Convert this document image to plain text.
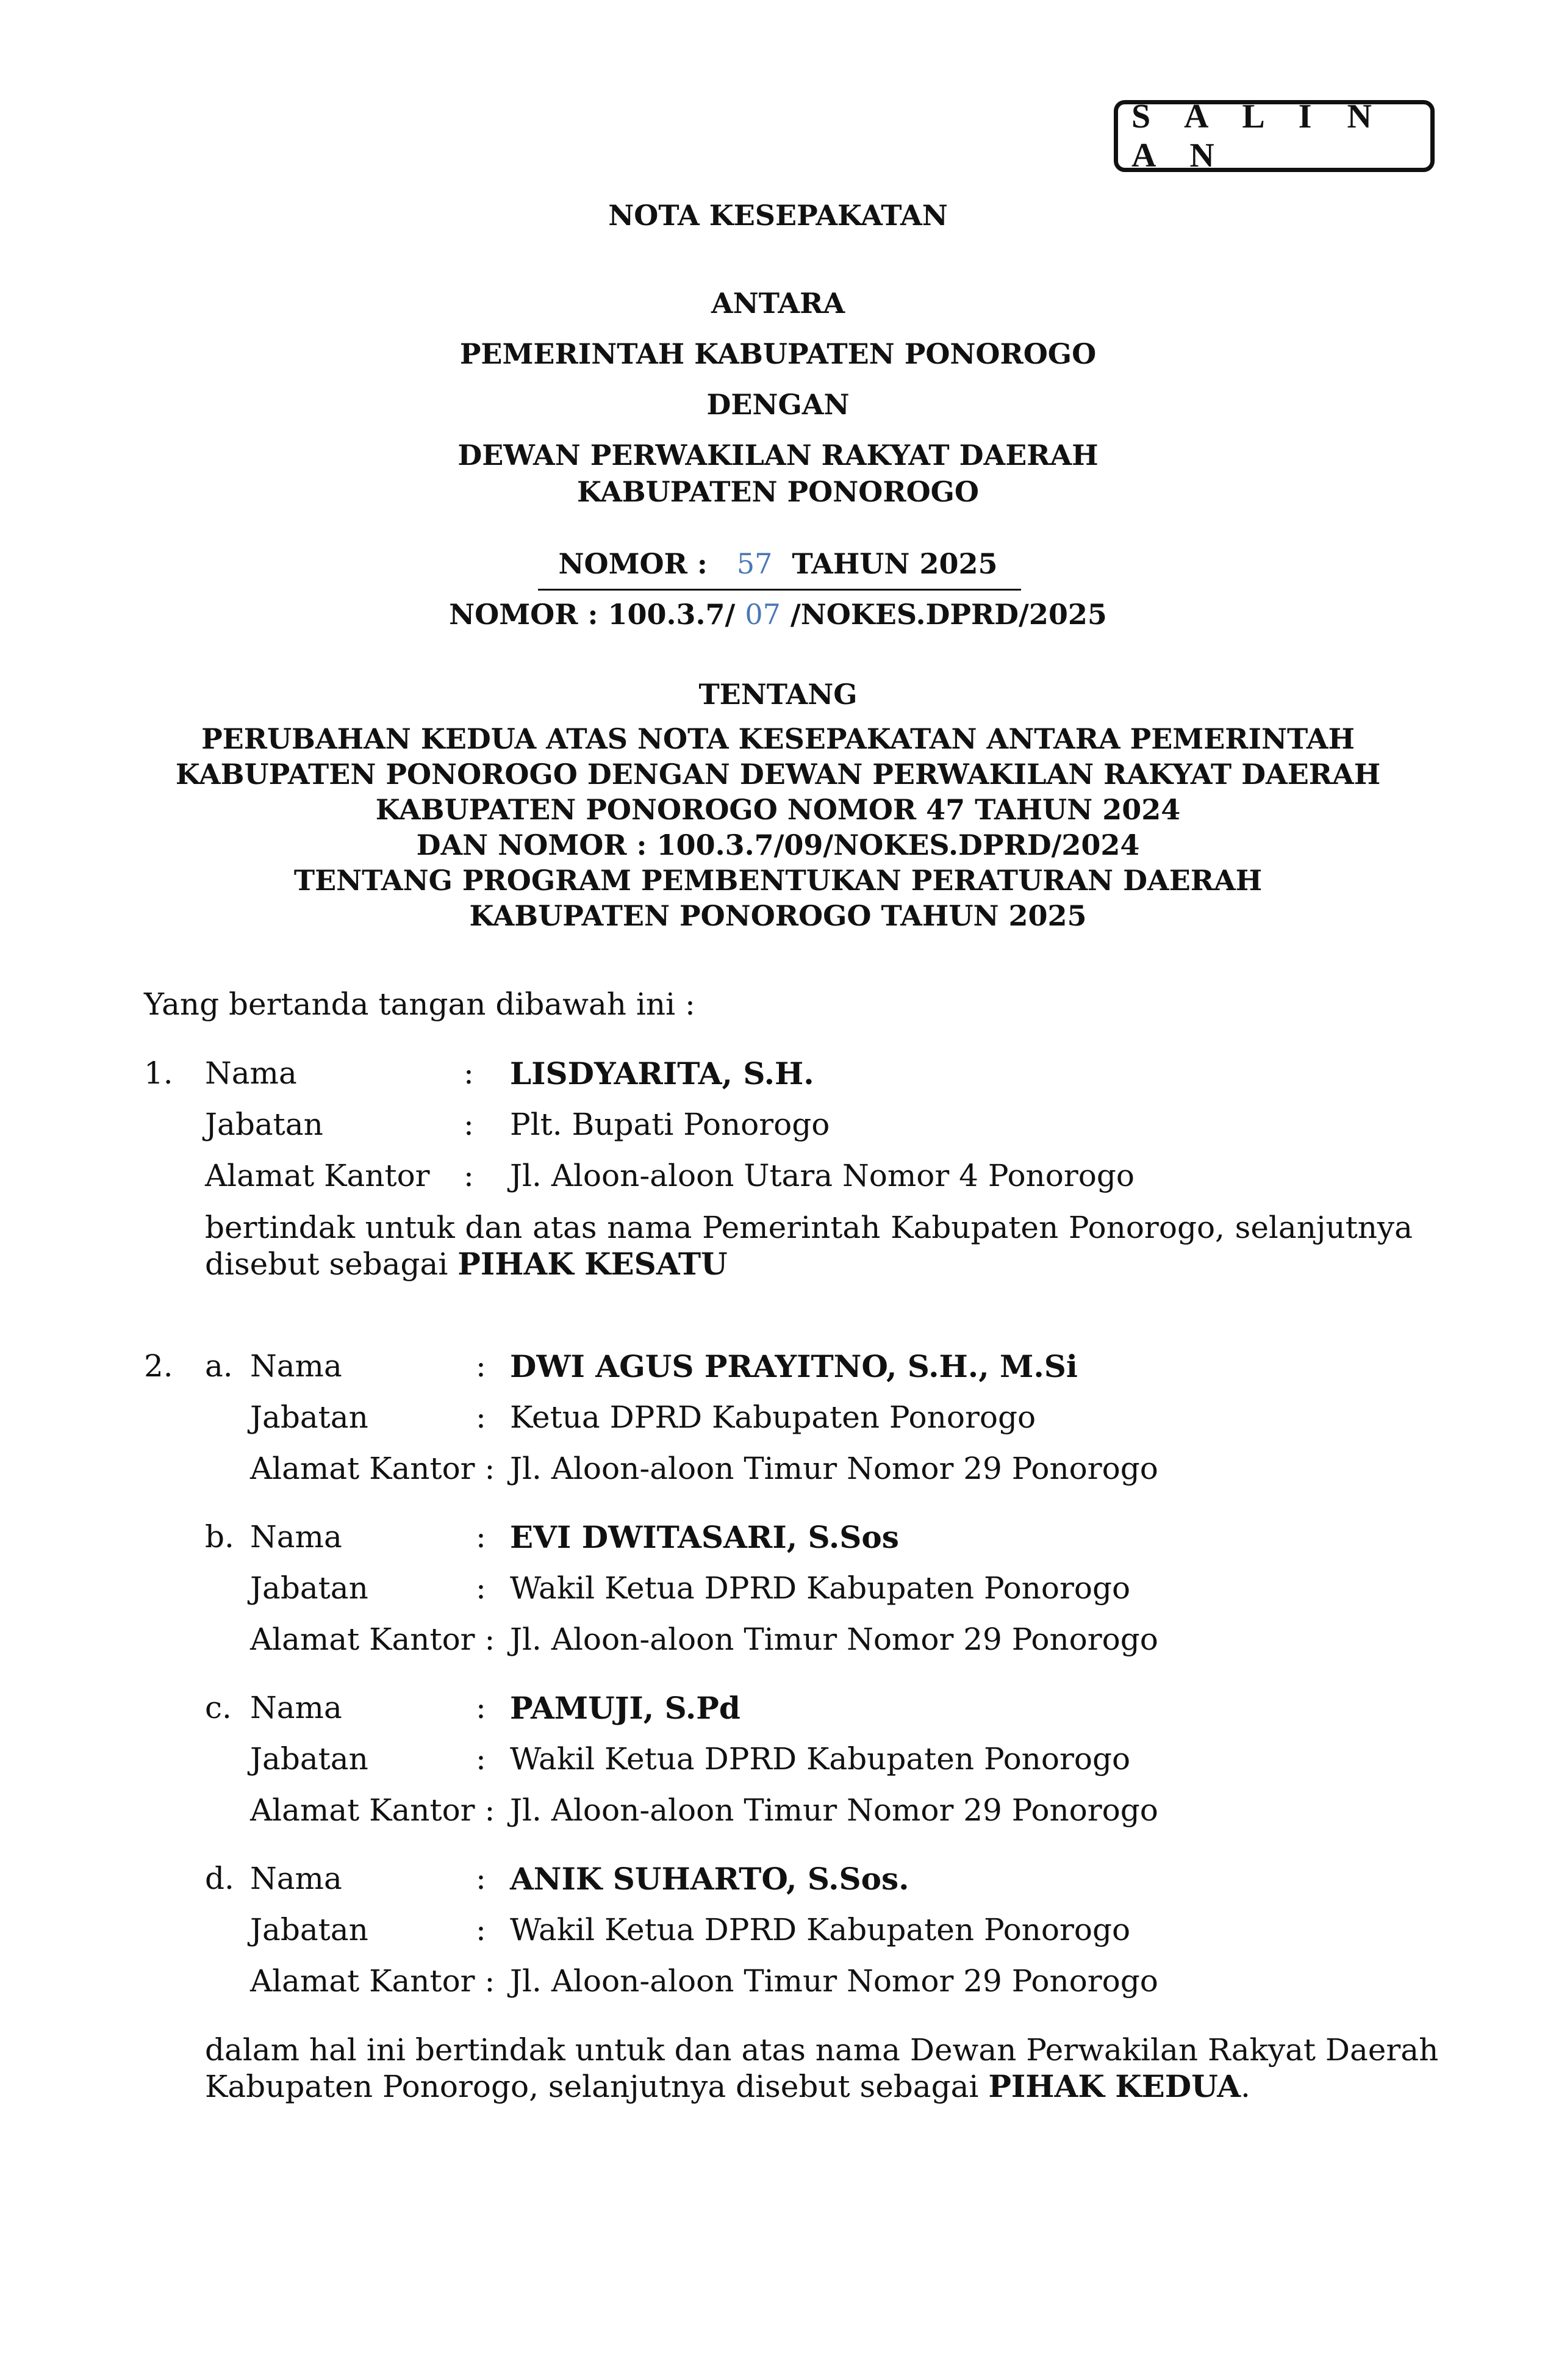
S A L I N A N
NOTA KESEPAKATAN
ANTARA
PEMERINTAH KABUPATEN PONOROGO
DENGAN
DEWAN PERWAKILAN RAKYAT DAERAH
KABUPATEN PONOROGO
NOMOR : 57 TAHUN 2025
NOMOR : 100.3.7/ 07 /NOKES.DPRD/2025
TENTANG
PERUBAHAN KEDUA ATAS NOTA KESEPAKATAN ANTARA PEMERINTAH
KABUPATEN PONOROGO DENGAN DEWAN PERWAKILAN RAKYAT DAERAH
KABUPATEN PONOROGO NOMOR 47 TAHUN 2024
DAN NOMOR : 100.3.7/09/NOKES.DPRD/2024
TENTANG PROGRAM PEMBENTUKAN PERATURAN DAERAH
KABUPATEN PONOROGO TAHUN 2025
Yang bertanda tangan dibawah ini :
1. Nama	: LISDYARITA, S.H.
Jabatan	: Plt. Bupati Ponorogo
Alamat Kantor : Jl. Aloon-aloon Utara Nomor 4 Ponorogo
bertindak untuk dan atas nama Pemerintah Kabupaten Ponorogo, selanjutnya
disebut sebagai PIHAK KESATU
2. a. Nama	: DWI AGUS PRAYITNO, S.H., M.Si
Jabatan	: Ketua DPRD Kabupaten Ponorogo
Alamat Kantor : Jl. Aloon-aloon Timur Nomor 29 Ponorogo
b. Nama	: EVI DWITASARI, S.Sos
Jabatan	: Wakil Ketua DPRD Kabupaten Ponorogo
Alamat Kantor : Jl. Aloon-aloon Timur Nomor 29 Ponorogo
c. Nama	: PAMUJI, S.Pd
Jabatan	: Wakil Ketua DPRD Kabupaten Ponorogo
Alamat Kantor : Jl. Aloon-aloon Timur Nomor 29 Ponorogo
d. Nama	: ANIK SUHARTO, S.Sos.
Jabatan	: Wakil Ketua DPRD Kabupaten Ponorogo
Alamat Kantor : Jl. Aloon-aloon Timur Nomor 29 Ponorogo
dalam hal ini bertindak untuk dan atas nama Dewan Perwakilan Rakyat Daerah
Kabupaten Ponorogo, selanjutnya disebut sebagai PIHAK KEDUA.
